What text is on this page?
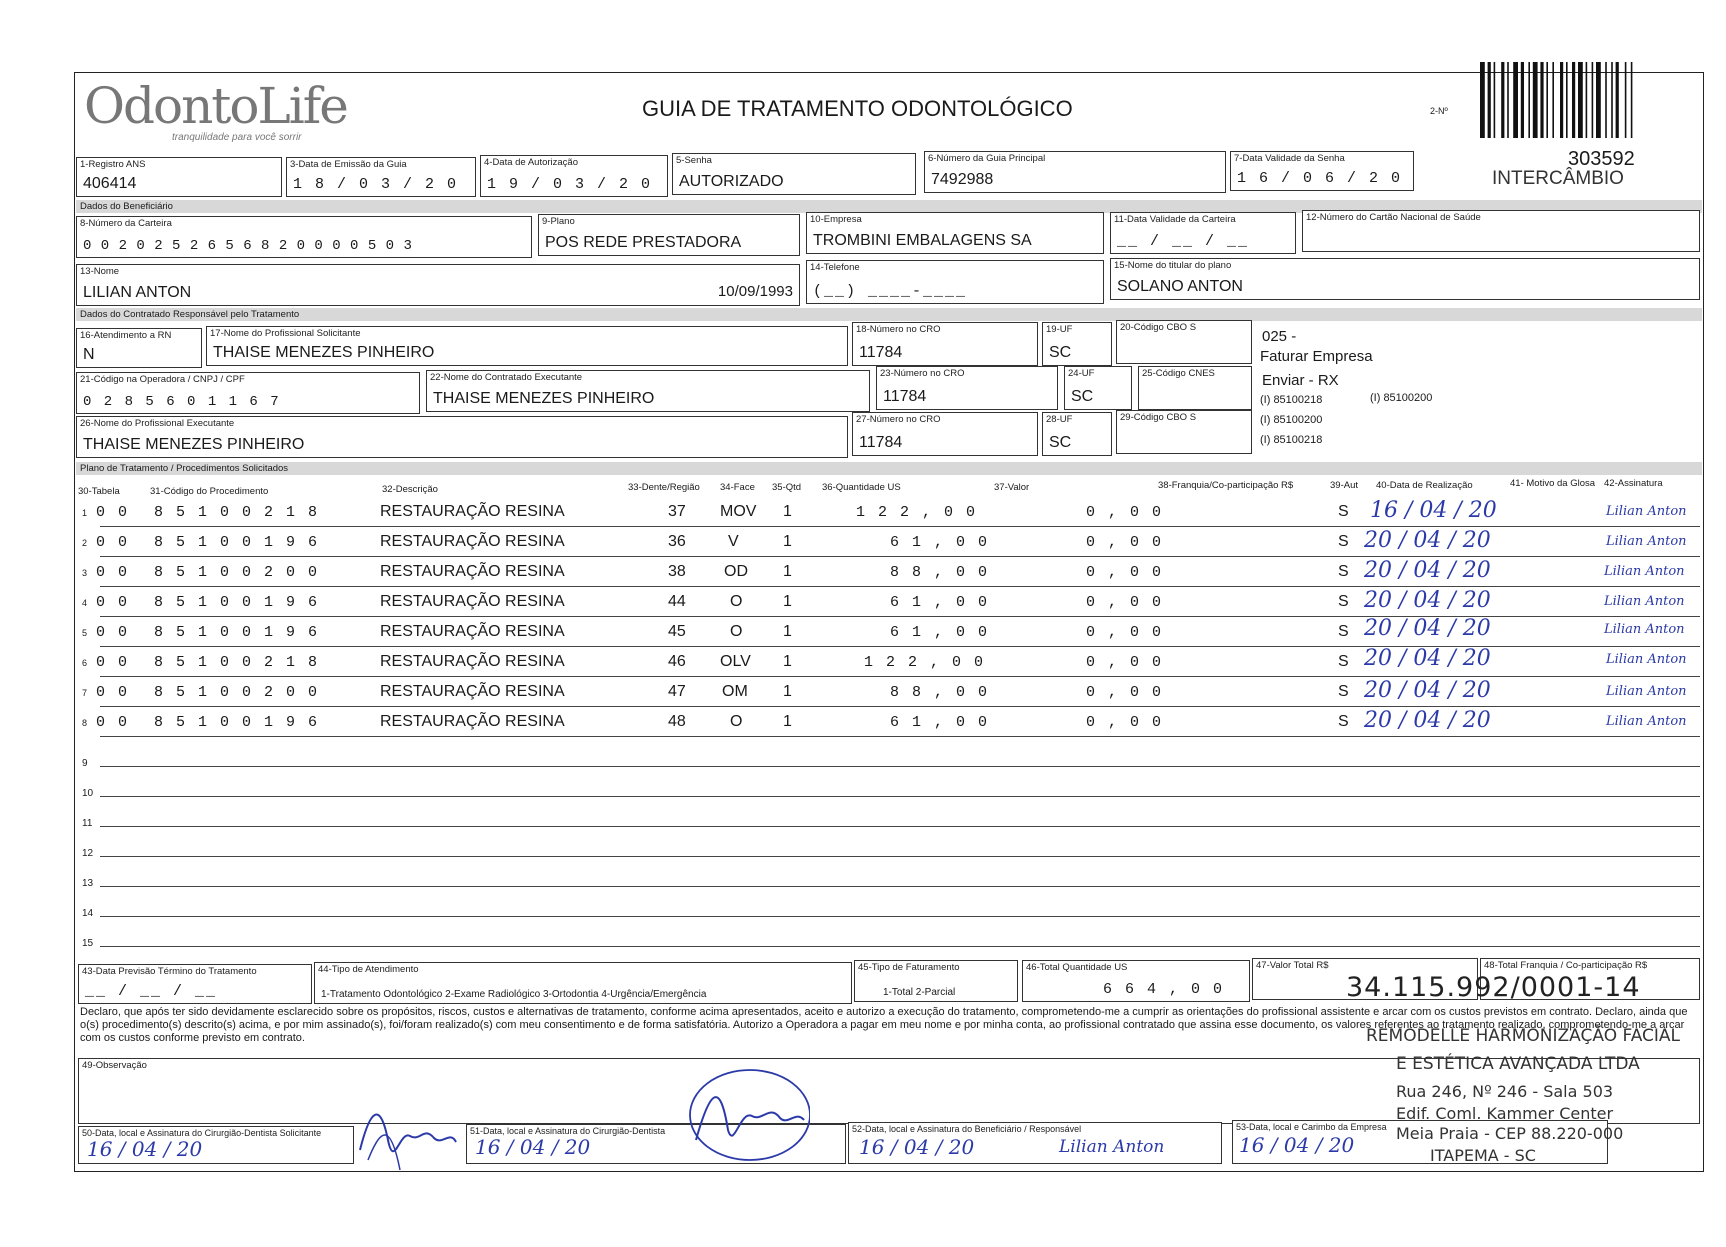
OdontoLife
tranquilidade para você sorrir
GUIA DE TRATAMENTO ODONTOLÓGICO	2-Nº
303592
INTERCÂMBIO
1-Registro ANS
406414
3-Data de Emissão da Guia
1 8 / 0 3 / 2 0
4-Data de Autorização
1 9 / 0 3 / 2 0
5-Senha
AUTORIZADO
6-Número da Guia Principal
7492988
7-Data Validade da Senha
1 6 / 0 6 / 2 0
Dados do Beneficiário
8-Número da Carteira
0 0 2 0 2 5 2 6 5 6 8 2 0 0 0 0 5 0 3
9-Plano
POS REDE PRESTADORA
10-Empresa
TROMBINI EMBALAGENS SA
11-Data Validade da Carteira
__ / __ / __
12-Número do Cartão Nacional de Saúde
13-Nome
LILIAN ANTON	10/09/1993
14-Telefone
(__) ____-____
15-Nome do titular do plano
SOLANO ANTON
Dados do Contratado Responsável pelo Tratamento
16-Atendimento a RN
N
17-Nome do Profissional Solicitante
THAISE MENEZES PINHEIRO
18-Número no CRO
11784
19-UF
SC
20-Código CBO S
21-Código na Operadora / CNPJ / CPF
0 2 8 5 6 0 1 1 6 7
22-Nome do Contratado Executante
THAISE MENEZES PINHEIRO
23-Número no CRO
11784
24-UF
SC
25-Código CNES
26-Nome do Profissional Executante
THAISE MENEZES PINHEIRO
27-Número no CRO
11784
28-UF
SC
29-Código CBO S
025 -
Faturar Empresa
Enviar - RX
(I) 85100218	(I) 85100200
(I) 85100200
(I) 85100218
Plano de Tratamento / Procedimentos Solicitados
30-Tabela	31-Código do Procedimento	32-Descrição	33-Dente/Região 34-Face 35-Qtd 36-Quantidade US	37-Valor	38-Franquia/Co-participação R$	39-Aut 40-Data de Realização	41- Motivo da Glosa 42-Assinatura
1 0 0 8 5 1 0 0 2 1 8	RESTAURAÇÃO RESINA	37 MOV 1	1 2 2 , 0 0	0 , 0 0	S 16 / 04 / 20	Lilian Anton
2 0 0 8 5 1 0 0 1 9 6	RESTAURAÇÃO RESINA	36	V	1	6 1 , 0 0	0 , 0 0	S 20 / 04 / 20	Lilian Anton
3 0 0 8 5 1 0 0 2 0 0	RESTAURAÇÃO RESINA	38 OD 1	8 8 , 0 0	0 , 0 0	S 20 / 04 / 20	Lilian Anton
4 0 0 8 5 1 0 0 1 9 6	RESTAURAÇÃO RESINA	44	O	1	6 1 , 0 0	0 , 0 0	S 20 / 04 / 20	Lilian Anton
5 0 0 8 5 1 0 0 1 9 6	RESTAURAÇÃO RESINA	45	O	1	6 1 , 0 0	0 , 0 0	S 20 / 04 / 20	Lilian Anton
6 0 0 8 5 1 0 0 2 1 8	RESTAURAÇÃO RESINA	46 OLV 1	1 2 2 , 0 0	0 , 0 0	S 20 / 04 / 20	Lilian Anton
7 0 0 8 5 1 0 0 2 0 0	RESTAURAÇÃO RESINA	47 OM 1	8 8 , 0 0	0 , 0 0	S 20 / 04 / 20	Lilian Anton
8 0 0 8 5 1 0 0 1 9 6	RESTAURAÇÃO RESINA	48	O	1	6 1 , 0 0	0 , 0 0	S 20 / 04 / 20	Lilian Anton
9
10
11
12
13
14
15
43-Data Previsão Término do Tratamento
__ / __ / __
44-Tipo de Atendimento
1-Tratamento Odontológico 2-Exame Radiológico 3-Ortodontia 4-Urgência/Emergência
45-Tipo de Faturamento
1-Total 2-Parcial
46-Total Quantidade US
6 6 4 , 0 0
47-Valor Total R$	48-Total Franquia / Co-participação R$
Declaro, que após ter sido devidamente esclarecido sobre os propósitos, riscos, custos e alternativas de tratamento, conforme acima apresentados, aceito e autorizo a execução do tratamento, comprometendo-me a cumprir as orientações do profissional assistente e arcar com os custos previstos em contrato. Declaro, ainda que o(s) procedimento(s) descrito(s) acima, e por mim assinado(s), foi/foram realizado(s) com meu consentimento e de forma satisfatória. Autorizo a Operadora a pagar em meu nome e por minha conta, ao profissional contratado que assina esse documento, os valores referentes ao tratamento realizado, comprometendo-me a arcar com os custos conforme previsto em contrato.
49-Observação
50-Data, local e Assinatura do Cirurgião-Dentista Solicitante
16 / 04 / 20
51-Data, local e Assinatura do Cirurgião-Dentista
16 / 04 / 20
52-Data, local e Assinatura do Beneficiário / Responsável
16 / 04 / 20	Lilian Anton
53-Data, local e Carimbo da Empresa
16 / 04 / 20
34.115.992/0001-14
REMODELLE HARMONIZAÇÃO FACIAL
E ESTÉTICA AVANÇADA LTDA
Rua 246, Nº 246 - Sala 503
Edif. Coml. Kammer Center
Meia Praia - CEP 88.220-000
ITAPEMA - SC
